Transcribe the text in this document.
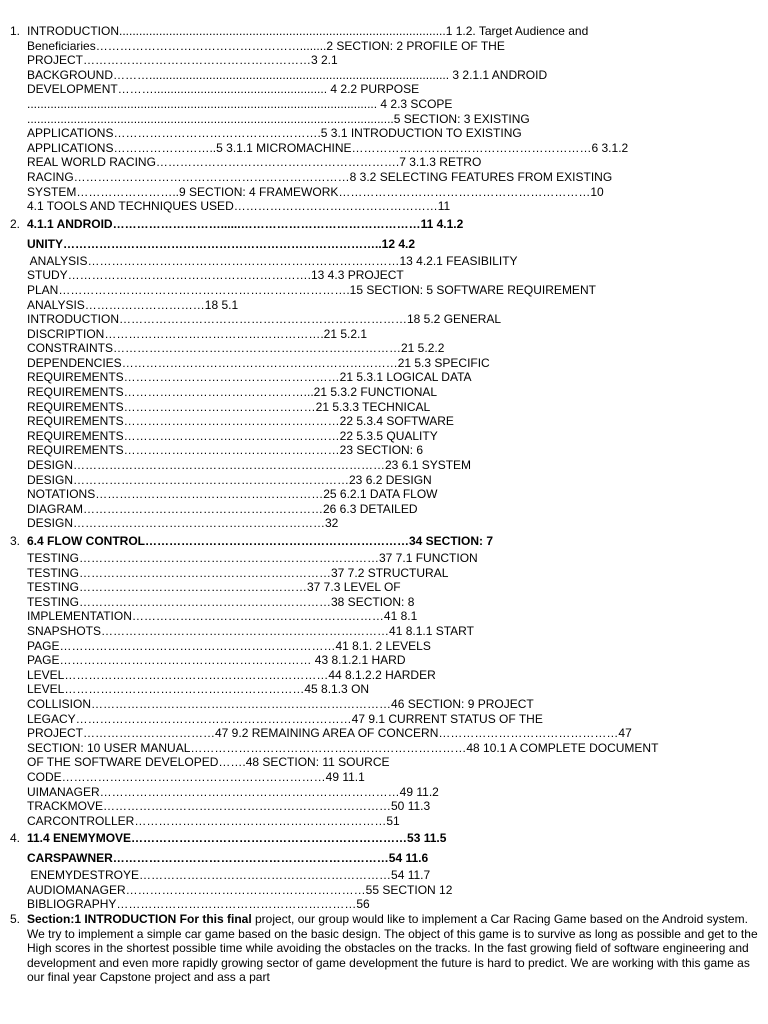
1. INTRODUCTION..................................................................................................1 1.2. Target Audience and
Beneficiaries……………………………………………........2 SECTION: 2 PROFILE OF THE
PROJECT…………………………………………………3 2.1
BACKGROUND……….......................................................................................... 3 2.1.1 ANDROID
DEVELOPMENT……….................................................... 4 2.2 PURPOSE
......................................................................................................... 4 2.3 SCOPE
..............................................................................................................5 SECTION: 3 EXISTING
APPLICATIONS…………………………………………….5 3.1 INTRODUCTION TO EXISTING
APPLICATIONS……………………..5 3.1.1 MICROMACHINE……………………………………………………6 3.1.2
REAL WORLD RACING…………………………………………………….7 3.1.3 RETRO
RACING……………………………………………………………8 3.2 SELECTING FEATURES FROM EXISTING
SYSTEM……………………..9 SECTION: 4 FRAMEWORK………………………………………………………10
4.1 TOOLS AND TECHNIQUES USED……………………………………………11
2. 4.1.1 ANDROID………………………......………………………………………11 4.1.2
UNITY……………………………………………………………………..12 4.2
ANALYSIS……………………………………………………………………13 4.2.1 FEASIBILITY
STUDY…………………………………………………….13 4.3 PROJECT
PLAN……………………………………………………………….15 SECTION: 5 SOFTWARE REQUIREMENT
ANALYSIS…………………………18 5.1
INTRODUCTION………………………………………………………………18 5.2 GENERAL
DISCRIPTION……………………………………………….21 5.2.1
CONSTRAINTS………………………………………………………………21 5.2.2
DEPENDENCIES……………………………………………………………21 5.3 SPECIFIC
REQUIREMENTS………………………………………………21 5.3.1 LOGICAL DATA
REQUIREMENTS………………………………………...21 5.3.2 FUNCTIONAL
REQUIREMENTS…………………………………………21 5.3.3 TECHNICAL
REQUIREMENTS………………………………………………22 5.3.4 SOFTWARE
REQUIREMENTS………………………………………………22 5.3.5 QUALITY
REQUIREMENTS………………………………………………23 SECTION: 6
DESIGN……………………………………………………………………23 6.1 SYSTEM
DESIGN……………………………………………………………23 6.2 DESIGN
NOTATIONS…………………………………………………25 6.2.1 DATA FLOW
DIAGRAM……………………………………………………26 6.3 DETAILED
DESIGN………………………………………………………32
3. 6.4 FLOW CONTROL…………………………………………………………34 SECTION: 7
TESTING…………………………………………………………………37 7.1 FUNCTION
TESTING………………………………………………………37 7.2 STRUCTURAL
TESTING…………………………………………………37 7.3 LEVEL OF
TESTING………………………………………………………38 SECTION: 8
IMPLEMENTATION………………………………………………………41 8.1
SNAPSHOTS………………………………………………………………41 8.1.1 START
PAGE……………………………………………………………41 8.1. 2 LEVELS
PAGE……………………………………………………… 43 8.1.2.1 HARD
LEVEL…………………………………………………………44 8.1.2.2 HARDER
LEVEL……………………………………………………45 8.1.3 ON
COLLISION…………………………………………………………………46 SECTION: 9 PROJECT
LEGACY……………………………………………………………47 9.1 CURRENT STATUS OF THE
PROJECT……………………………47 9.2 REMAINING AREA OF CONCERN………………………………………47
SECTION: 10 USER MANUAL……………………………………………………………48 10.1 A COMPLETE DOCUMENT
OF THE SOFTWARE DEVELOPED…….48 SECTION: 11 SOURCE
CODE…………………………………………………………49 11.1
UIMANAGER…………………………………………………………………49 11.2
TRACKMOVE………………………………………………………………50 11.3
CARCONTROLLER………………………………………………………51
4. 11.4 ENEMYMOVE……………………………………………………………53 11.5
CARSPAWNER……………………………………………………………54 11.6
ENEMYDESTROYE………………………………………………………54 11.7
AUDIOMANAGER……………………………………………………55 SECTION 12
BIBLIOGRAPHY……………………………………………………56
5. Section:1 INTRODUCTION For this final project, our group would like to implement a Car Racing Game based on the Android system. We try to implement a simple car game based on the basic design. The object of this game is to survive as long as possible and get to the High scores in the shortest possible time while avoiding the obstacles on the tracks. In the fast growing field of software engineering and development and even more rapidly growing sector of game development the future is hard to predict. We are working with this game as our final year Capstone project and ass a part
